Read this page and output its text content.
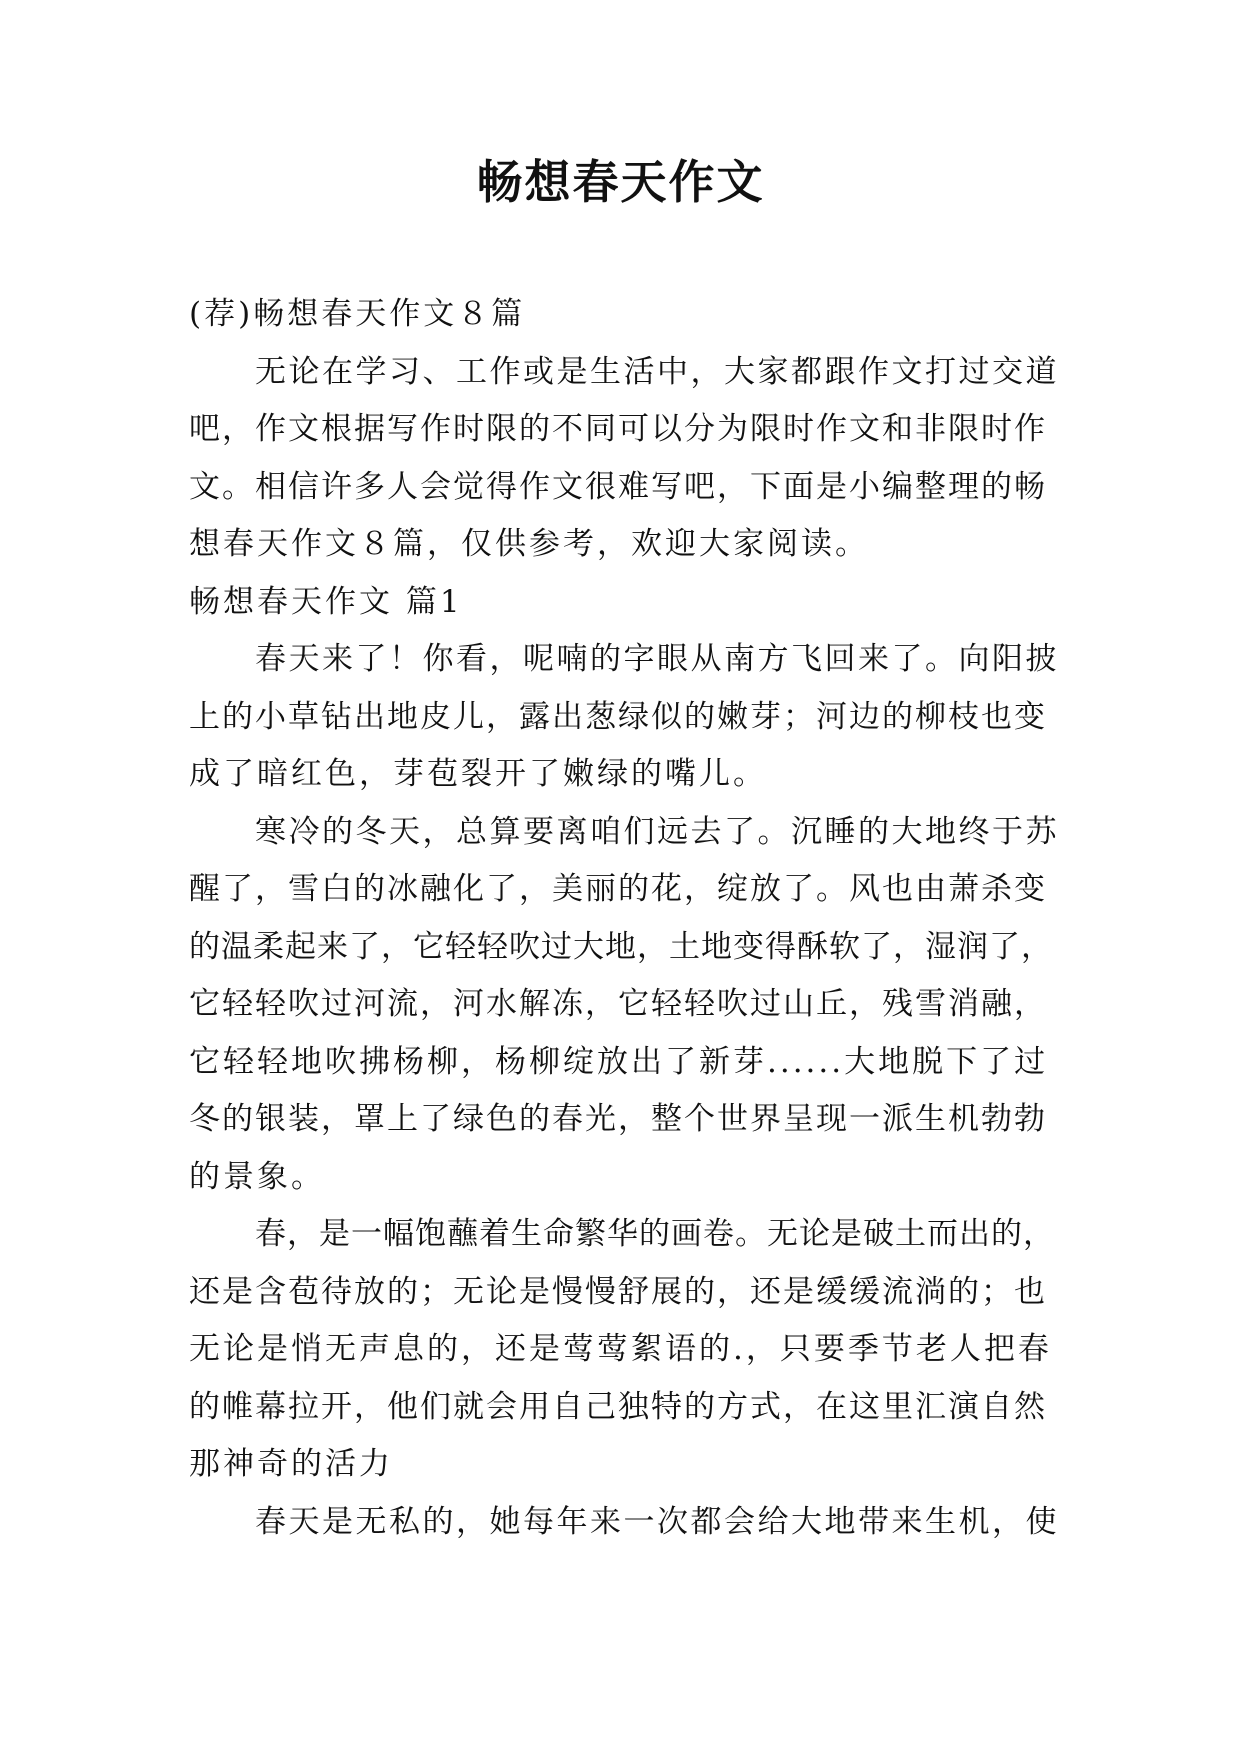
畅想春天作文

(荐)畅想春天作文８篇

无论在学习、工作或是生活中，大家都跟作文打过交道

吧，作文根据写作时限的不同可以分为限时作文和非限时作

文。相信许多人会觉得作文很难写吧，下面是小编整理的畅

想春天作文８篇，仅供参考，欢迎大家阅读。

畅想春天作文 篇1

春天来了！你看，呢喃的字眼从南方飞回来了。向阳披

上的小草钻出地皮儿，露出葱绿似的嫩芽；河边的柳枝也变

成了暗红色，芽苞裂开了嫩绿的嘴儿。

寒冷的冬天，总算要离咱们远去了。沉睡的大地终于苏

醒了，雪白的冰融化了，美丽的花，绽放了。风也由萧杀变

的温柔起来了，它轻轻吹过大地，土地变得酥软了，湿润了，

它轻轻吹过河流，河水解冻，它轻轻吹过山丘，残雪消融，

它轻轻地吹拂杨柳，杨柳绽放出了新芽......大地脱下了过

冬的银装，罩上了绿色的春光，整个世界呈现一派生机勃勃

的景象。

春，是一幅饱蘸着生命繁华的画卷。无论是破土而出的，

还是含苞待放的；无论是慢慢舒展的，还是缓缓流淌的；也

无论是悄无声息的，还是莺莺絮语的.，只要季节老人把春

的帷幕拉开，他们就会用自己独特的方式，在这里汇演自然

那神奇的活力

春天是无私的，她每年来一次都会给大地带来生机，使
